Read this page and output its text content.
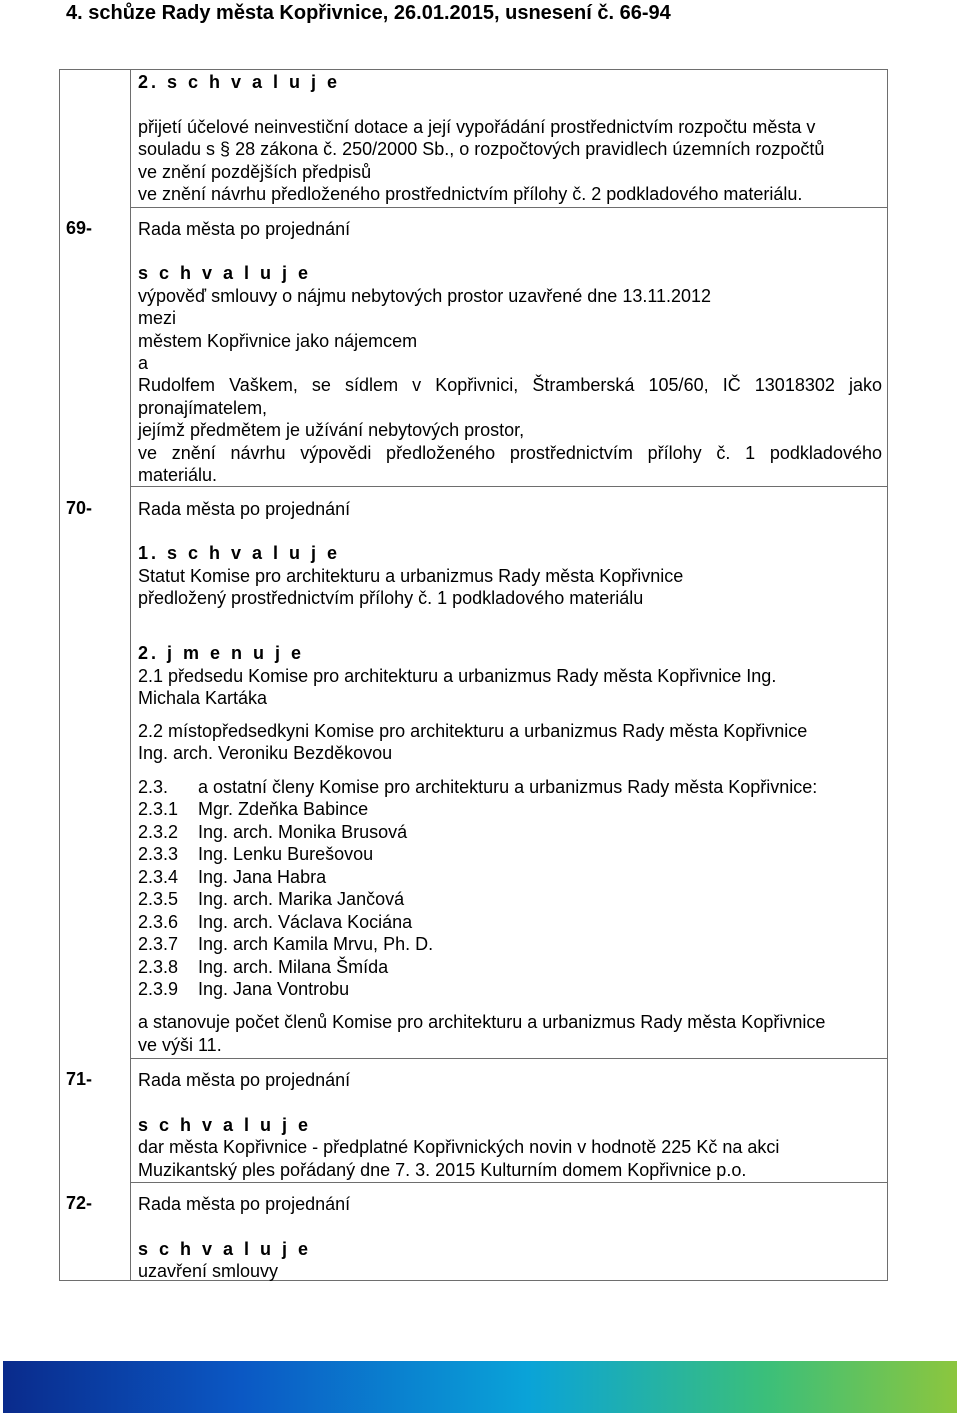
4. schůze Rady města Kopřivnice, 26.01.2015, usnesení č. 66-94
2. s c h v a l u j e
přijetí účelové neinvestiční dotace a její vypořádání prostřednictvím rozpočtu města v
souladu s § 28 zákona č. 250/2000 Sb., o rozpočtových pravidlech územních rozpočtů
ve znění pozdějších předpisů
ve znění návrhu předloženého prostřednictvím přílohy č. 2 podkladového materiálu.
69-	Rada města po projednání
s c h v a l u j e
výpověď smlouvy o nájmu nebytových prostor uzavřené dne 13.11.2012
mezi
městem Kopřivnice jako nájemcem
a
Rudolfem Vaškem, se sídlem v Kopřivnici, Štramberská 105/60, IČ 13018302 jako
pronajímatelem,
jejímž předmětem je užívání nebytových prostor,
ve znění návrhu výpovědi předloženého prostřednictvím přílohy č. 1 podkladového
materiálu.
70-	Rada města po projednání
1. s c h v a l u j e
Statut Komise pro architekturu a urbanizmus Rady města Kopřivnice
předložený prostřednictvím přílohy č. 1 podkladového materiálu
2. j m e n u j e
2.1 předsedu Komise pro architekturu a urbanizmus Rady města Kopřivnice Ing.
Michala Kartáka
2.2 místopředsedkyni Komise pro architekturu a urbanizmus Rady města Kopřivnice
Ing. arch. Veroniku Bezděkovou
2.3. a ostatní členy Komise pro architekturu a urbanizmus Rady města Kopřivnice:
2.3.1	Mgr. Zdeňka Babince
2.3.2	Ing. arch. Monika Brusová
2.3.3	Ing. Lenku Burešovou
2.3.4	Ing. Jana Habra
2.3.5	Ing. arch. Marika Jančová
2.3.6	Ing. arch. Václava Kociána
2.3.7	Ing. arch Kamila Mrvu, Ph. D.
2.3.8	Ing. arch. Milana Šmída
2.3.9	Ing. Jana Vontrobu
a stanovuje počet členů Komise pro architekturu a urbanizmus Rady města Kopřivnice
ve výši 11.
71-	Rada města po projednání
s c h v a l u j e
dar města Kopřivnice - předplatné Kopřivnických novin v hodnotě 225 Kč na akci
Muzikantský ples pořádaný dne 7. 3. 2015 Kulturním domem Kopřivnice p.o.
72-	Rada města po projednání
s c h v a l u j e
uzavření smlouvy
